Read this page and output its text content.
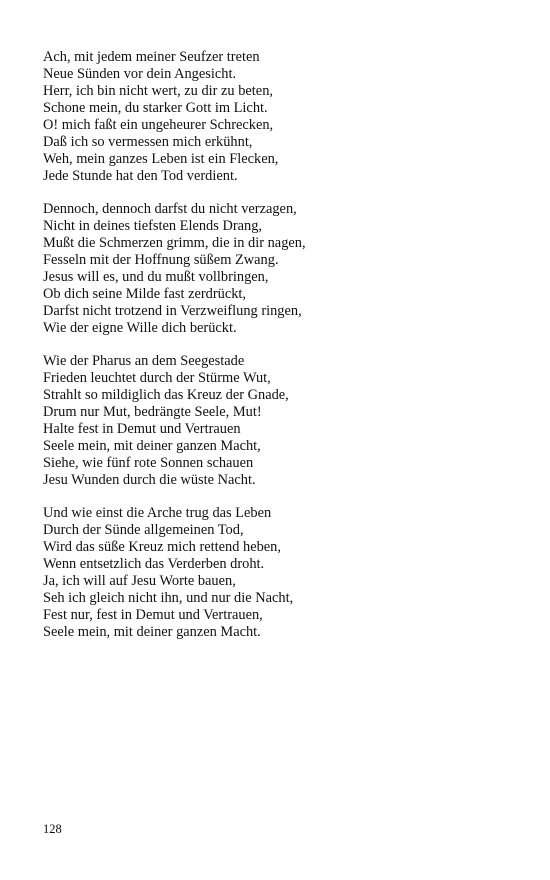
Ach, mit jedem meiner Seufzer treten
Neue Sünden vor dein Angesicht.
Herr, ich bin nicht wert, zu dir zu beten,
Schone mein, du starker Gott im Licht.
O! mich faßt ein ungeheurer Schrecken,
Daß ich so vermessen mich erkühnt,
Weh, mein ganzes Leben ist ein Flecken,
Jede Stunde hat den Tod verdient.
Dennoch, dennoch darfst du nicht verzagen,
Nicht in deines tiefsten Elends Drang,
Mußt die Schmerzen grimm, die in dir nagen,
Fesseln mit der Hoffnung süßem Zwang.
Jesus will es, und du mußt vollbringen,
Ob dich seine Milde fast zerdrückt,
Darfst nicht trotzend in Verzweiflung ringen,
Wie der eigne Wille dich berückt.
Wie der Pharus an dem Seegestade
Frieden leuchtet durch der Stürme Wut,
Strahlt so mildiglich das Kreuz der Gnade,
Drum nur Mut, bedrängte Seele, Mut!
Halte fest in Demut und Vertrauen
Seele mein, mit deiner ganzen Macht,
Siehe, wie fünf rote Sonnen schauen
Jesu Wunden durch die wüste Nacht.
Und wie einst die Arche trug das Leben
Durch der Sünde allgemeinen Tod,
Wird das süße Kreuz mich rettend heben,
Wenn entsetzlich das Verderben droht.
Ja, ich will auf Jesu Worte bauen,
Seh ich gleich nicht ihn, und nur die Nacht,
Fest nur, fest in Demut und Vertrauen,
Seele mein, mit deiner ganzen Macht.
128
